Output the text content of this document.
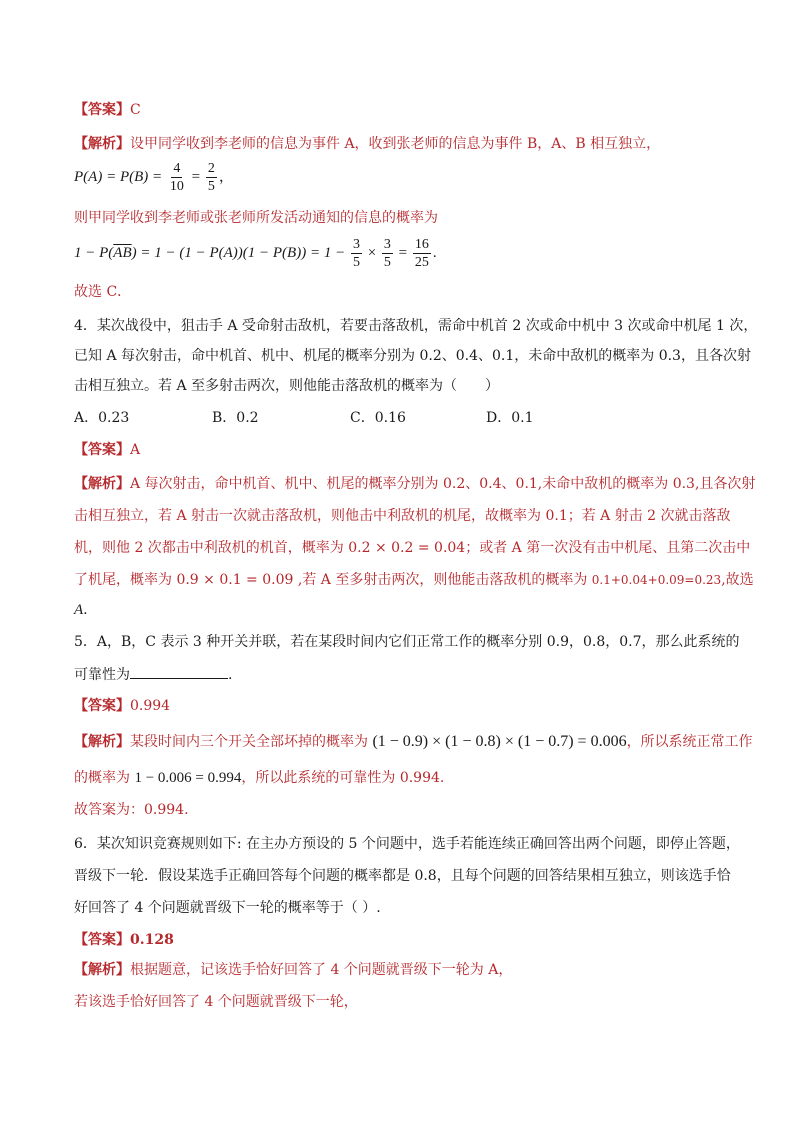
【答案】C
【解析】设甲同学收到李老师的信息为事件 A，收到张老师的信息为事件 B，A、B 相互独立，
$P(A) = P(B) = \frac{4}{10} = \frac{2}{5}$ ，
则甲同学收到李老师或张老师所发活动通知的信息的概率为
$1 - P(\overline{AB}) = 1 - (1 - P(A))(1 - P(B)) = 1 - \frac{3}{5} \times \frac{3}{5} = \frac{16}{25}$ .
故选 C．
4．某次战役中，狙击手 A 受命射击敌机，若要击落敌机，需命中机首 2 次或命中机中 3 次或命中机尾 1 次，
已知 A 每次射击，命中机首、机中、机尾的概率分别为 0.2、0.4、0.1，未命中敌机的概率为 0.3，且各次射
击相互独立。若 A 至多射击两次，则他能击落敌机的概率为（　　）
A．0.23	B．0.2	C．0.16	D．0.1
【答案】A
【解析】A 每次射击，命中机首、机中、机尾的概率分别为 0.2、0.4、0.1,未命中敌机的概率为 0.3,且各次射
击相互独立，若 A 射击一次就击落敌机，则他击中利敌机的机尾，故概率为 0.1；若 A 射击 2 次就击落敌
机，则他 2 次都击中利敌机的机首，概率为 0.2 × 0.2 = 0.04；或者 A 第一次没有击中机尾、且第二次击中
了机尾，概率为 0.9 × 0.1 = 0.09 ,若 A 至多射击两次，则他能击落敌机的概率为 0.1+0.04+0.09=0.23,故选
A.
5．A，B，C 表示 3 种开关并联，若在某段时间内它们正常工作的概率分别 0.9，0.8，0.7，那么此系统的
可靠性为	.
【答案】0.994
【解析】某段时间内三个开关全部坏掉的概率为 (1 − 0.9) × (1 − 0.8) × (1 − 0.7) = 0.006，所以系统正常工作
的概率为 1 − 0.006 = 0.994，所以此系统的可靠性为 0.994.
故答案为：0.994.
6．某次知识竞赛规则如下: 在主办方预设的 5 个问题中，选手若能连续正确回答出两个问题，即停止答题，
晋级下一轮．假设某选手正确回答每个问题的概率都是 0.8，且每个问题的回答结果相互独立，则该选手恰
好回答了 4 个问题就晋级下一轮的概率等于（ ）.
【答案】0.128
【解析】根据题意，记该选手恰好回答了 4 个问题就晋级下一轮为 A，
若该选手恰好回答了 4 个问题就晋级下一轮，
